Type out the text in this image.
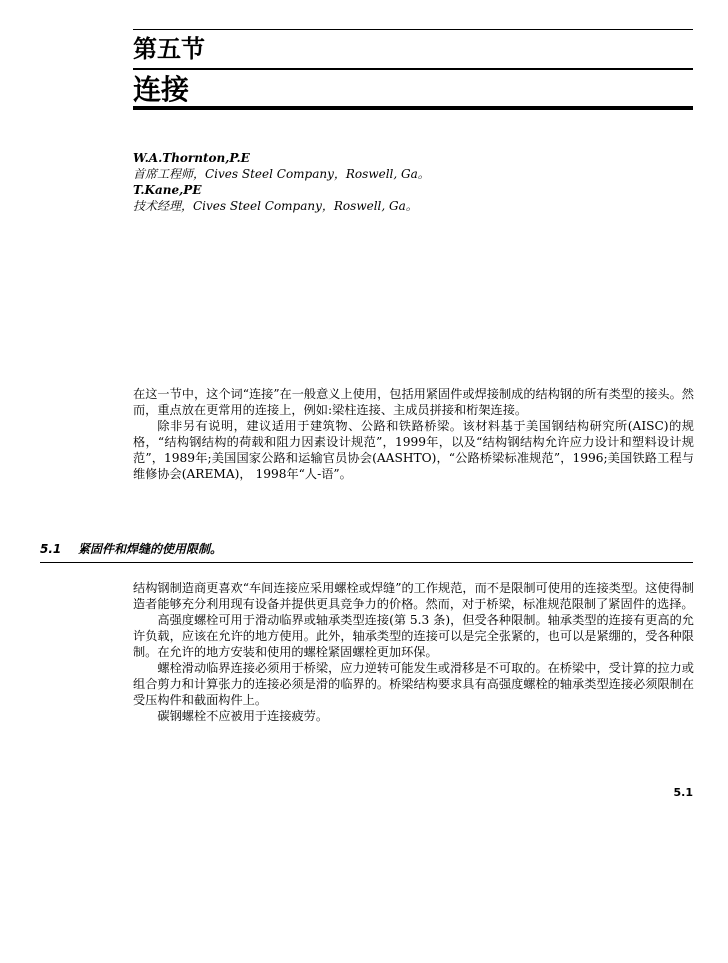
第五节
连接
W.A.Thornton,P.E
首席工程师，Cives Steel Company，Roswell, Ga。
T.Kane,PE
技术经理，Cives Steel Company，Roswell, Ga。

在这一节中，这个词“连接”在一般意义上使用，包括用紧固件或焊接制成的结构钢的所有类型的接头。然而，重点放在更常用的连接上，例如:梁柱连接、主成员拼接和桁架连接。

除非另有说明，建议适用于建筑物、公路和铁路桥梁。该材料基于美国钢结构研究所(AISC)的规格，“结构钢结构的荷载和阻力因素设计规范”，1999年，以及“结构钢结构允许应力设计和塑料设计规范”，1989年;美国国家公路和运输官员协会(AASHTO)，“公路桥梁标准规范”，1996;美国铁路工程与维修协会(AREMA)， 1998年“人-语”。

5.1 紧固件和焊缝的使用限制。

结构钢制造商更喜欢“车间连接应采用螺栓或焊缝”的工作规范，而不是限制可使用的连接类型。这使得制造者能够充分利用现有设备并提供更具竞争力的价格。然而，对于桥梁，标准规范限制了紧固件的选择。

高强度螺栓可用于滑动临界或轴承类型连接(第 5.3 条)，但受各种限制。轴承类型的连接有更高的允许负载，应该在允许的地方使用。此外，轴承类型的连接可以是完全张紧的，也可以是紧绷的，受各种限制。在允许的地方安装和使用的螺栓紧固螺栓更加环保。

螺栓滑动临界连接必须用于桥梁，应力逆转可能发生或滑移是不可取的。在桥梁中，受计算的拉力或组合剪力和计算张力的连接必须是滑的临界的。桥梁结构要求具有高强度螺栓的轴承类型连接必须限制在受压构件和截面构件上。

碳钢螺栓不应被用于连接疲劳。

5.1
